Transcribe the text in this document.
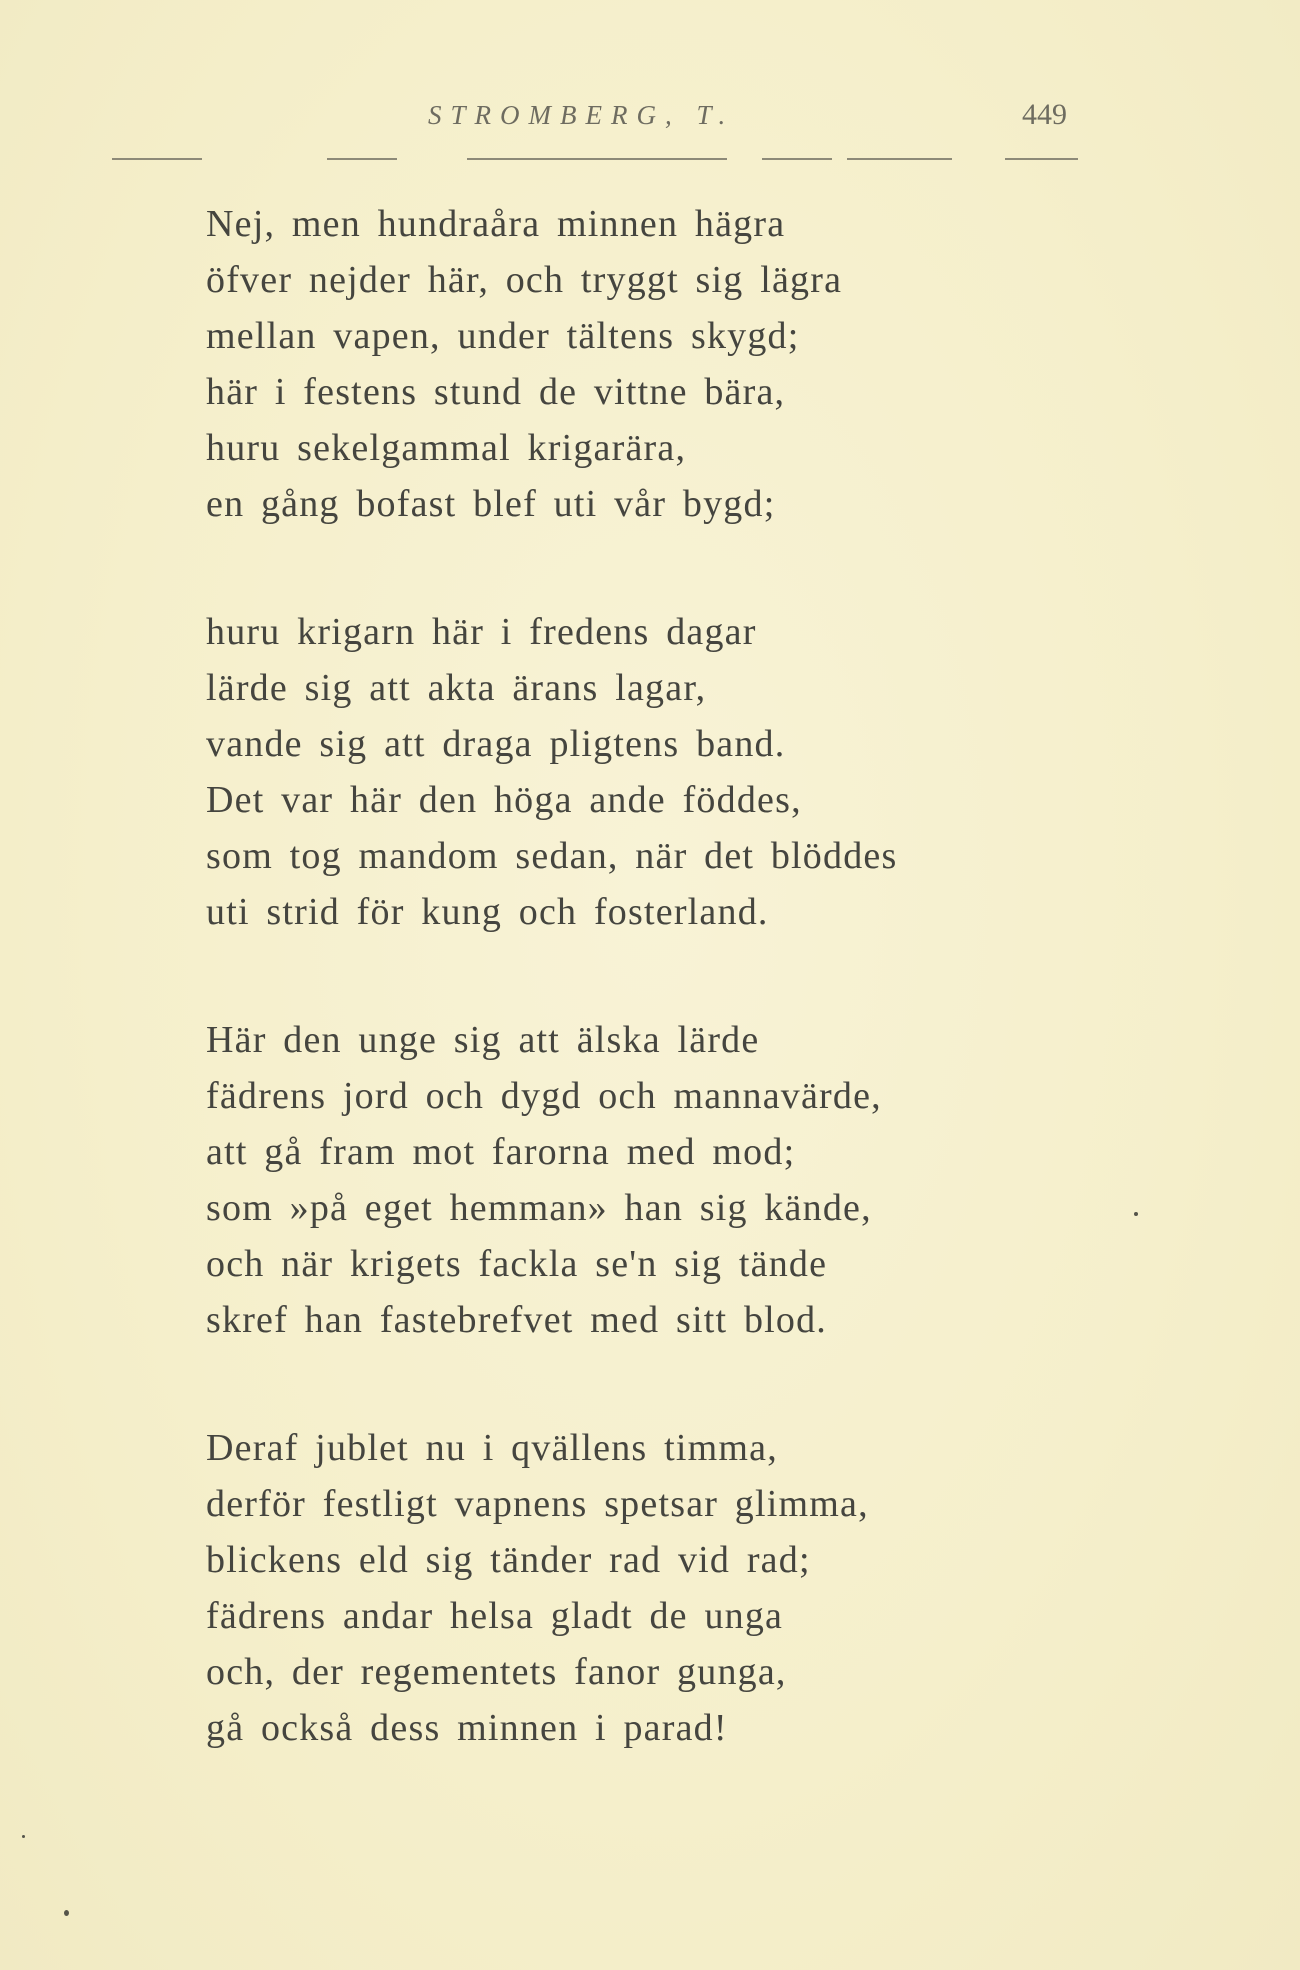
STROMBERG, T.	449
Nej, men hundraåra minnen hägra
öfver nejder här, och tryggt sig lägra
mellan vapen, under tältens skygd;
här i festens stund de vittne bära,
huru sekelgammal krigarära,
en gång bofast blef uti vår bygd;
huru krigarn här i fredens dagar
lärde sig att akta ärans lagar,
vande sig att draga pligtens band.
Det var här den höga ande föddes,
som tog mandom sedan, när det blöddes
uti strid för kung och fosterland.
Här den unge sig att älska lärde
fädrens jord och dygd och mannavärde,
att gå fram mot farorna med mod;
som »på eget hemman» han sig kände,
och när krigets fackla se'n sig tände
skref han fastebrefvet med sitt blod.
Deraf jublet nu i qvällens timma,
derför festligt vapnens spetsar glimma,
blickens eld sig tänder rad vid rad;
fädrens andar helsa gladt de unga
och, der regementets fanor gunga,
gå också dess minnen i parad!
